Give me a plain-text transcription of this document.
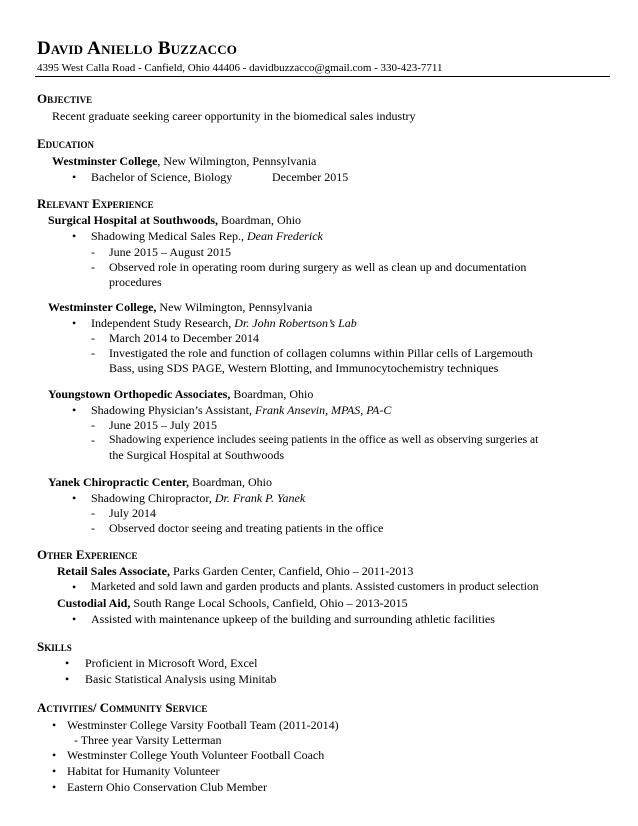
David Aniello Buzzacco
4395 West Calla Road - Canfield, Ohio 44406 - davidbuzzacco@gmail.com - 330-423-7711
Objective
Recent graduate seeking career opportunity in the biomedical sales industry
Education
Westminster College, New Wilmington, Pennsylvania
• Bachelor of Science, Biology	December 2015
Relevant Experience
Surgical Hospital at Southwoods, Boardman, Ohio
• Shadowing Medical Sales Rep., Dean Frederick
- June 2015 – August 2015
- Observed role in operating room during surgery as well as clean up and documentation
procedures
Westminster College, New Wilmington, Pennsylvania
• Independent Study Research, Dr. John Robertson’s Lab
- March 2014 to December 2014
- Investigated the role and function of collagen columns within Pillar cells of Largemouth
Bass, using SDS PAGE, Western Blotting, and Immunocytochemistry techniques
Youngstown Orthopedic Associates, Boardman, Ohio
• Shadowing Physician’s Assistant, Frank Ansevin, MPAS, PA-C
- June 2015 – July 2015
- Shadowing experience includes seeing patients in the office as well as observing surgeries at
the Surgical Hospital at Southwoods
Yanek Chiropractic Center, Boardman, Ohio
• Shadowing Chiropractor, Dr. Frank P. Yanek
- July 2014
- Observed doctor seeing and treating patients in the office
Other Experience
Retail Sales Associate, Parks Garden Center, Canfield, Ohio – 2011-2013
• Marketed and sold lawn and garden products and plants. Assisted customers in product selection
Custodial Aid, South Range Local Schools, Canfield, Ohio – 2013-2015
• Assisted with maintenance upkeep of the building and surrounding athletic facilities
Skills
• Proficient in Microsoft Word, Excel
• Basic Statistical Analysis using Minitab
Activities/ Community Service
• Westminster College Varsity Football Team (2011-2014)
- Three year Varsity Letterman
• Westminster College Youth Volunteer Football Coach
• Habitat for Humanity Volunteer
• Eastern Ohio Conservation Club Member
